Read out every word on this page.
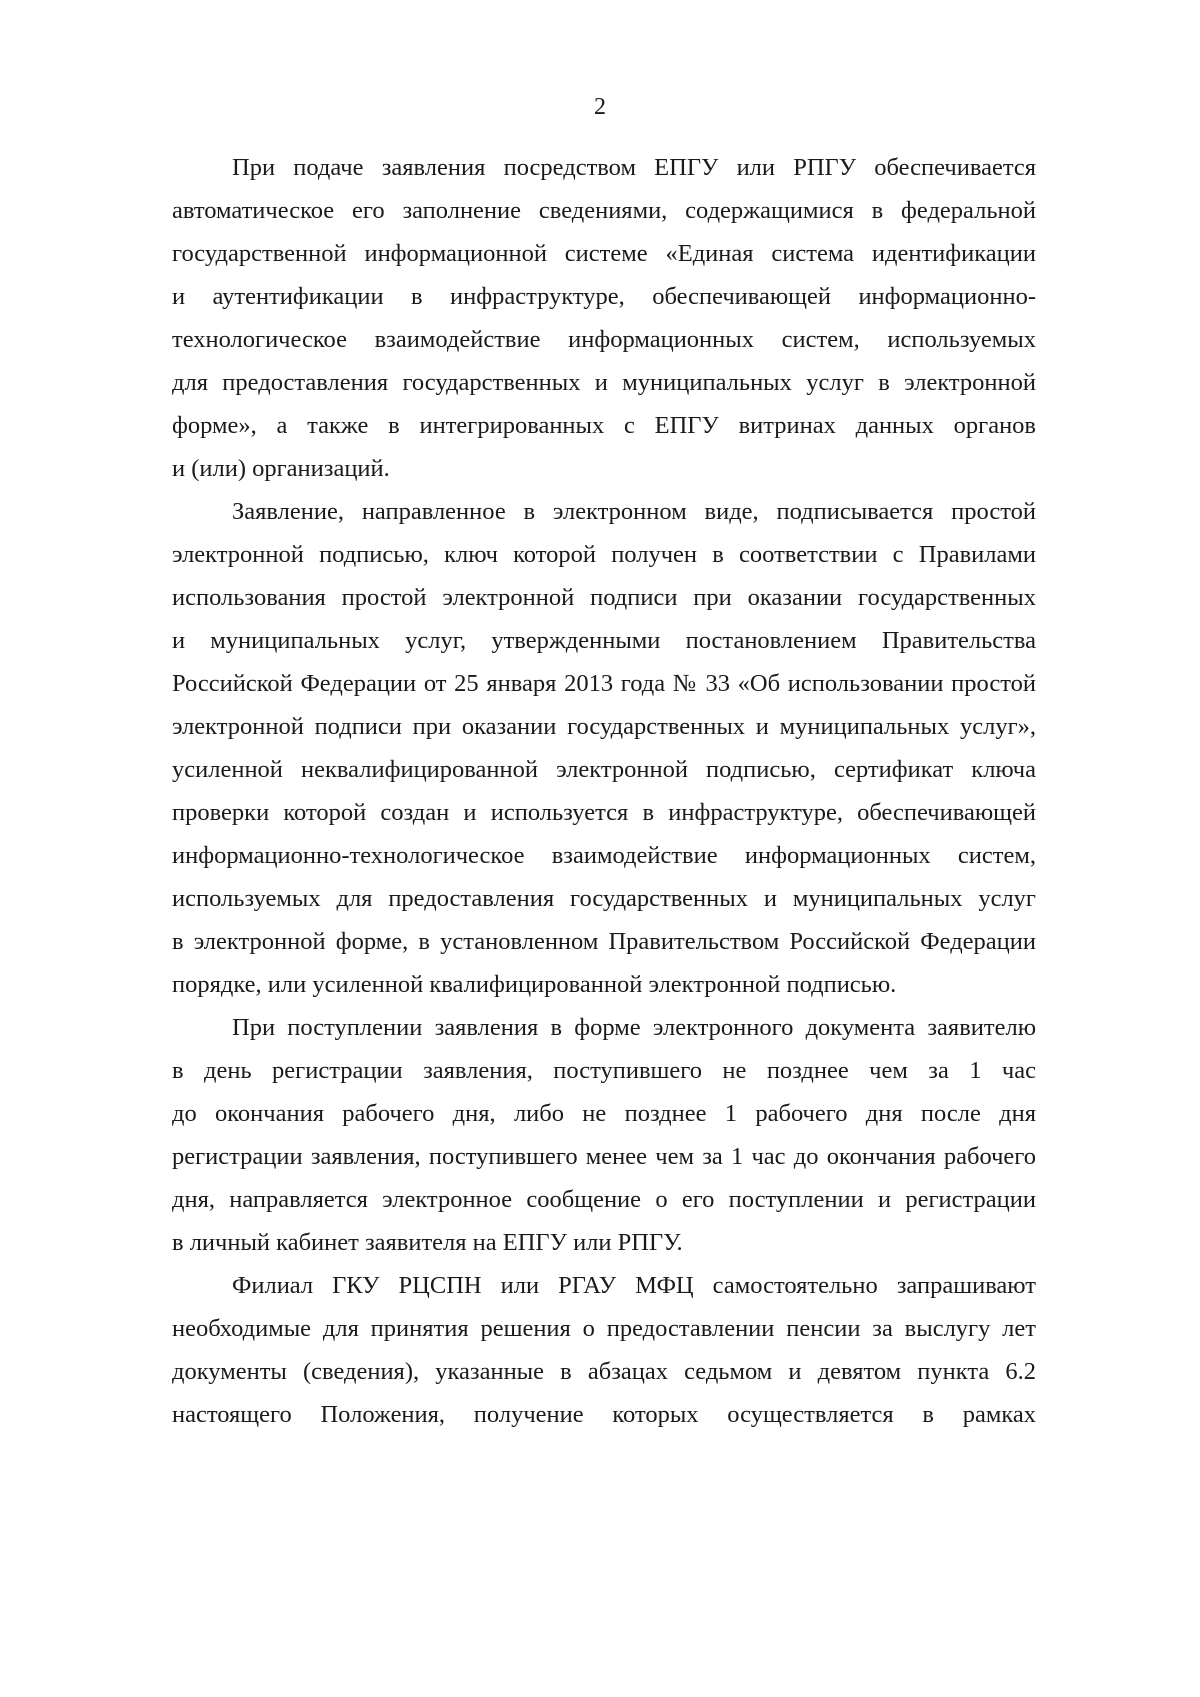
2
При подаче заявления посредством ЕПГУ или РПГУ обеспечивается
автоматическое его заполнение сведениями, содержащимися в федеральной
государственной информационной системе «Единая система идентификации
и аутентификации в инфраструктуре, обеспечивающей информационно-
технологическое взаимодействие информационных систем, используемых
для предоставления государственных и муниципальных услуг в электронной
форме», а также в интегрированных с ЕПГУ витринах данных органов
и (или) организаций.
Заявление, направленное в электронном виде, подписывается простой
электронной подписью, ключ которой получен в соответствии с Правилами
использования простой электронной подписи при оказании государственных
и муниципальных услуг, утвержденными постановлением Правительства
Российской Федерации от 25 января 2013 года № 33 «Об использовании простой
электронной подписи при оказании государственных и муниципальных услуг»,
усиленной неквалифицированной электронной подписью, сертификат ключа
проверки которой создан и используется в инфраструктуре, обеспечивающей
информационно-технологическое взаимодействие информационных систем,
используемых для предоставления государственных и муниципальных услуг
в электронной форме, в установленном Правительством Российской Федерации
порядке, или усиленной квалифицированной электронной подписью.
При поступлении заявления в форме электронного документа заявителю
в день регистрации заявления, поступившего не позднее чем за 1 час
до окончания рабочего дня, либо не позднее 1 рабочего дня после дня
регистрации заявления, поступившего менее чем за 1 час до окончания рабочего
дня, направляется электронное сообщение о его поступлении и регистрации
в личный кабинет заявителя на ЕПГУ или РПГУ.
Филиал ГКУ РЦСПН или РГАУ МФЦ самостоятельно запрашивают
необходимые для принятия решения о предоставлении пенсии за выслугу лет
документы (сведения), указанные в абзацах седьмом и девятом пункта 6.2
настоящего Положения, получение которых осуществляется в рамках
